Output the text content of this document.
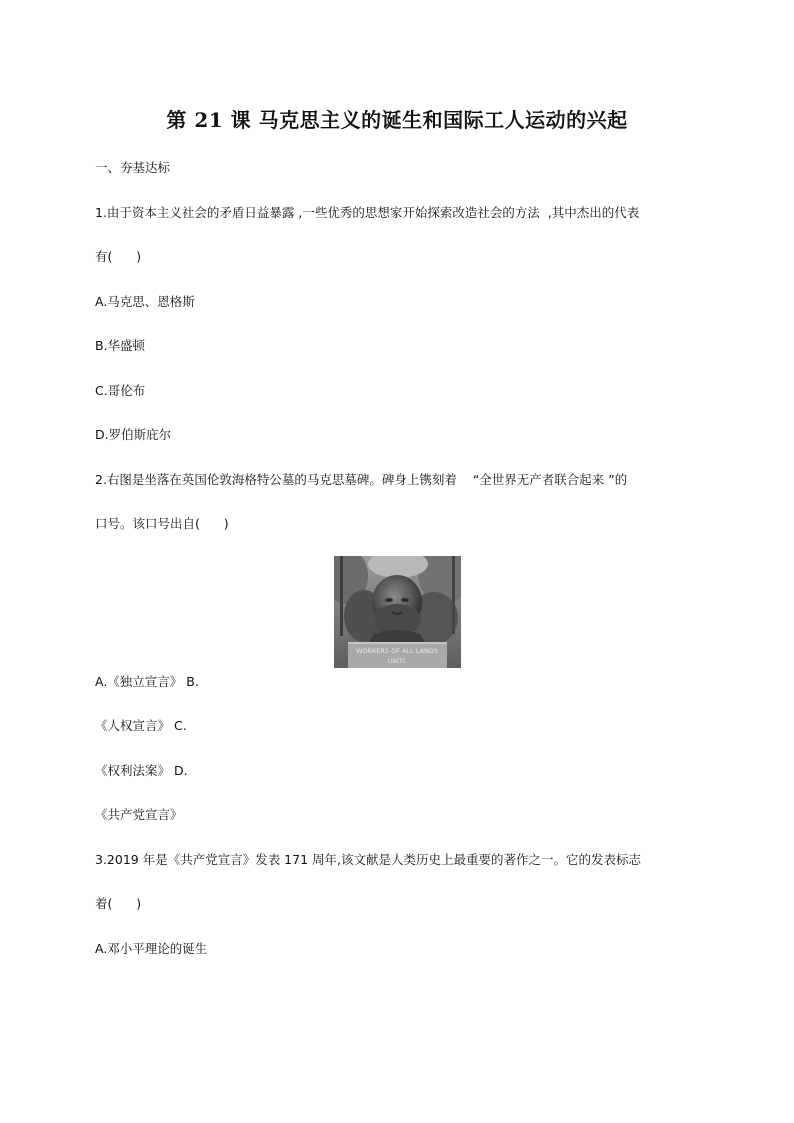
第 21 课 马克思主义的诞生和国际工人运动的兴起
一、夯基达标
1.由于资本主义社会的矛盾日益暴露 ,一些优秀的思想家开始探索改造社会的方法  ,其中杰出的代表
有(      )
A.马克思、恩格斯
B.华盛顿
C.哥伦布
D.罗伯斯庇尔
2.右图是坐落在英国伦敦海格特公墓的马克思墓碑。碑身上镌刻着    “全世界无产者联合起来 ”的
口号。该口号出自(      )
WORKERS OF ALL LANDS
UNITE
A.《独立宣言》 B.
《人权宣言》 C.
《权利法案》 D.
《共产党宣言》
3.2019 年是《共产党宣言》发表 171 周年,该文献是人类历史上最重要的著作之一。它的发表标志
着(      )
A.邓小平理论的诞生
